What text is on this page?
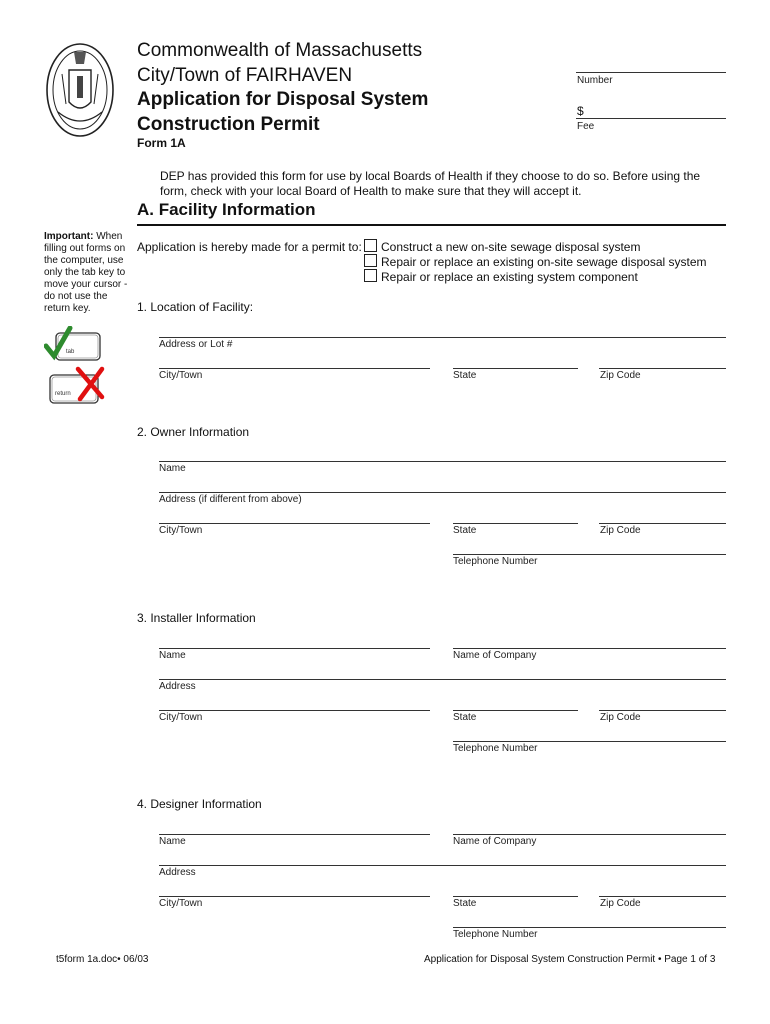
Commonwealth of Massachusetts
City/Town of FAIRHAVEN
Application for Disposal System
Construction Permit
Form 1A
Number
$
Fee
DEP has provided this form for use by local Boards of Health if they choose to do so. Before using the form, check with your local Board of Health to make sure that they will accept it.
A. Facility Information
Important: When filling out forms on the computer, use only the tab key to move your cursor - do not use the return key.
tab
return
Application is hereby made for a permit to: Construct a new on-site sewage disposal system
Repair or replace an existing on-site sewage disposal system
Repair or replace an existing system component
1. Location of Facility:
Address or Lot #
City/Town	State	Zip Code
2. Owner Information
Name
Address (if different from above)
City/Town	State	Zip Code
Telephone Number
3. Installer Information
Name	Name of Company
Address
City/Town	State	Zip Code
Telephone Number
4. Designer Information
Name	Name of Company
Address
City/Town	State	Zip Code
Telephone Number
t5form 1a.doc• 06/03	Application for Disposal System Construction Permit • Page 1 of 3
